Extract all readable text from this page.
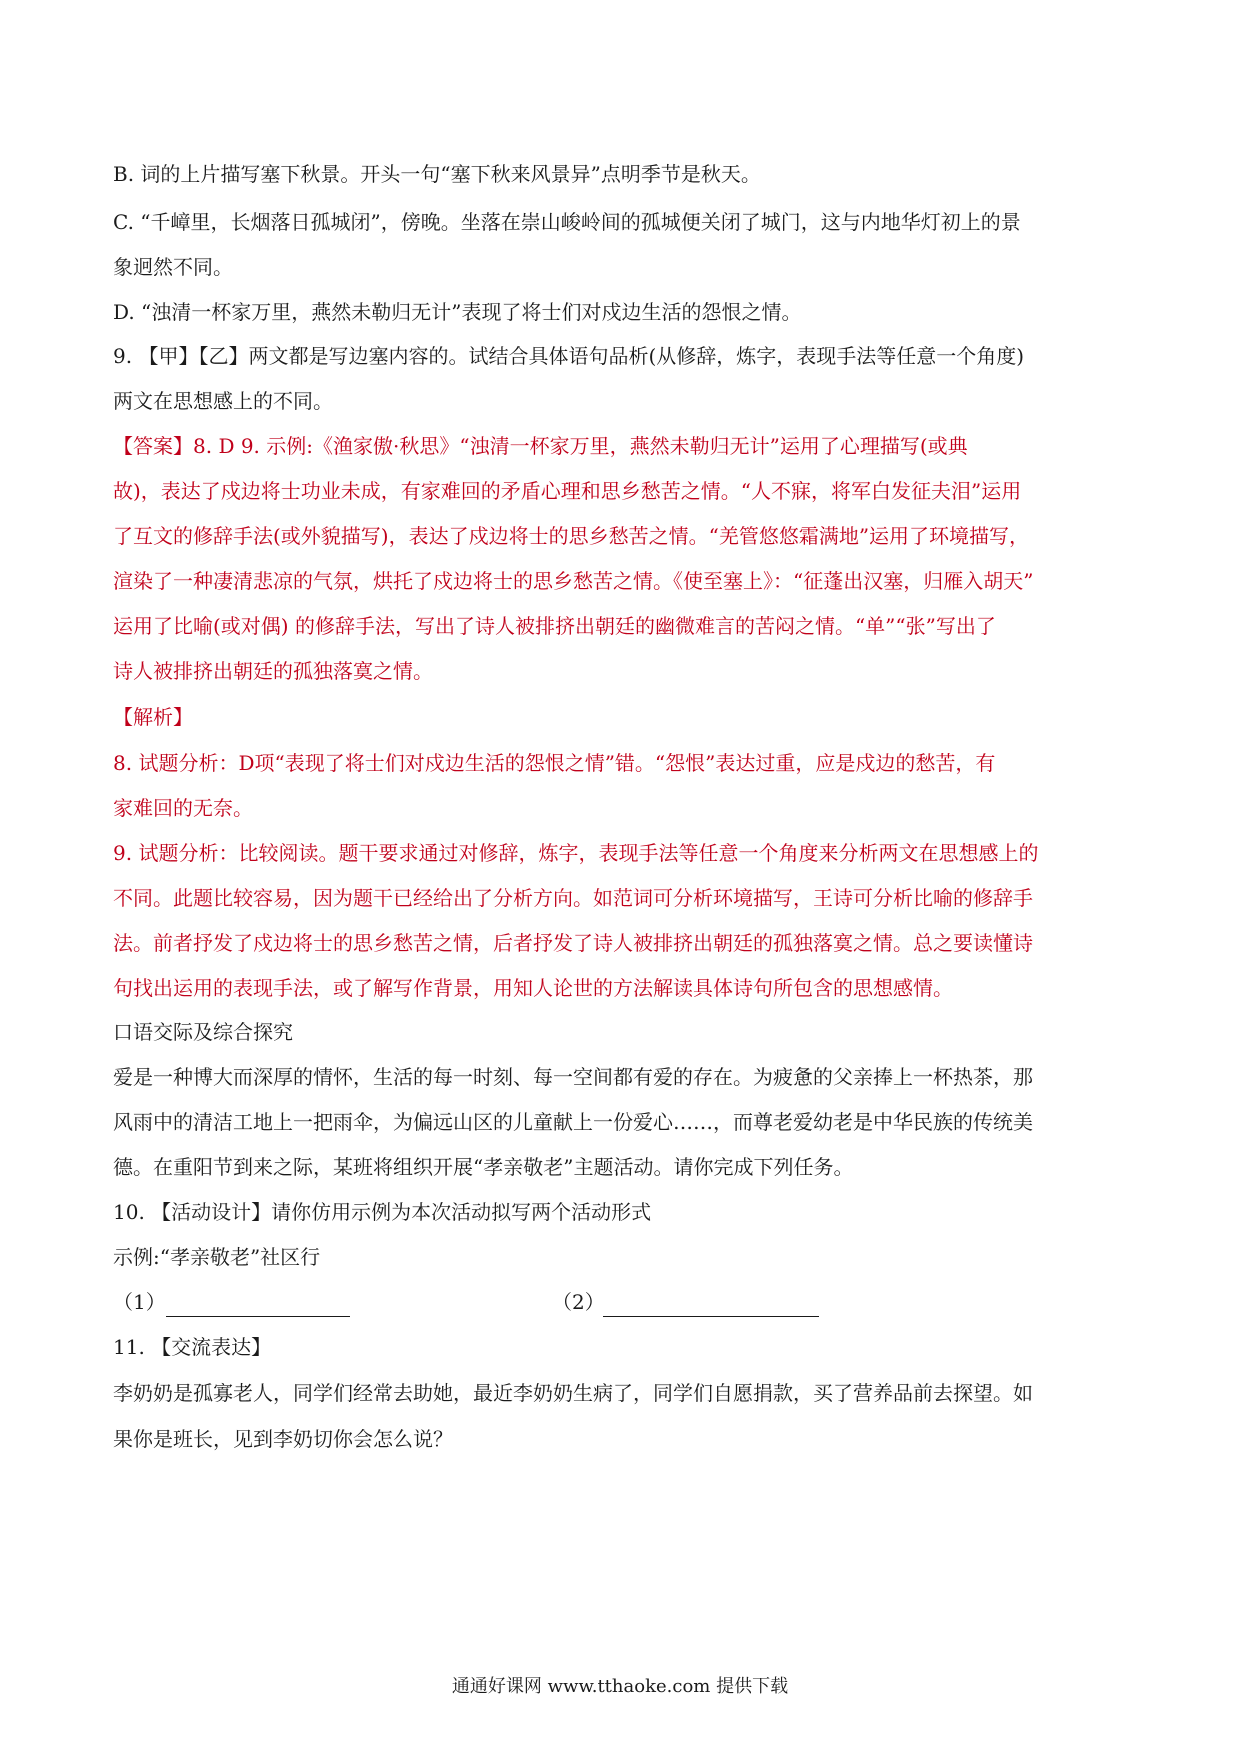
B. 词的上片描写塞下秋景。开头一句“塞下秋来风景异”点明季节是秋天。
C. “千嶂里，长烟落日孤城闭”，傍晚。坐落在崇山峻岭间的孤城便关闭了城门，这与内地华灯初上的景
象迥然不同。
D. “浊清一杯家万里，燕然未勒归无计”表现了将士们对戍边生活的怨恨之情。
9. 【甲】【乙】两文都是写边塞内容的。试结合具体语句品析(从修辞，炼字，表现手法等任意一个角度)
两文在思想感上的不同。
【答案】8. D 9. 示例:《渔家傲·秋思》“浊清一杯家万里，燕然未勒归无计”运用了心理描写(或典
故)，表达了戍边将士功业未成，有家难回的矛盾心理和思乡愁苦之情。“人不寐，将军白发征夫泪”运用
了互文的修辞手法(或外貌描写)，表达了戍边将士的思乡愁苦之情。“羌管悠悠霜满地”运用了环境描写，
渲染了一种凄清悲凉的气氛，烘托了戍边将士的思乡愁苦之情。《使至塞上》：“征蓬出汉塞，归雁入胡天”
运用了比喻(或对偶) 的修辞手法，写出了诗人被排挤出朝廷的幽微难言的苦闷之情。“单”“张”写出了
诗人被排挤出朝廷的孤独落寞之情。
【解析】
8. 试题分析：D项“表现了将士们对戍边生活的怨恨之情”错。“怨恨”表达过重，应是戍边的愁苦，有
家难回的无奈。
9. 试题分析：比较阅读。题干要求通过对修辞，炼字，表现手法等任意一个角度来分析两文在思想感上的
不同。此题比较容易，因为题干已经给出了分析方向。如范词可分析环境描写，王诗可分析比喻的修辞手
法。前者抒发了戍边将士的思乡愁苦之情，后者抒发了诗人被排挤出朝廷的孤独落寞之情。总之要读懂诗
句找出运用的表现手法，或了解写作背景，用知人论世的方法解读具体诗句所包含的思想感情。
口语交际及综合探究
爱是一种博大而深厚的情怀，生活的每一时刻、每一空间都有爱的存在。为疲惫的父亲捧上一杯热茶，那
风雨中的清洁工地上一把雨伞，为偏远山区的儿童献上一份爱心……，而尊老爱幼老是中华民族的传统美
德。在重阳节到来之际，某班将组织开展“孝亲敬老”主题活动。请你完成下列任务。
10. 【活动设计】请你仿用示例为本次活动拟写两个活动形式
示例:“孝亲敬老”社区行
（1）	（2）
11. 【交流表达】
李奶奶是孤寡老人，同学们经常去助她，最近李奶奶生病了，同学们自愿捐款，买了营养品前去探望。如
果你是班长，见到李奶切你会怎么说？
通通好课网 www.tthaoke.com 提供下载
